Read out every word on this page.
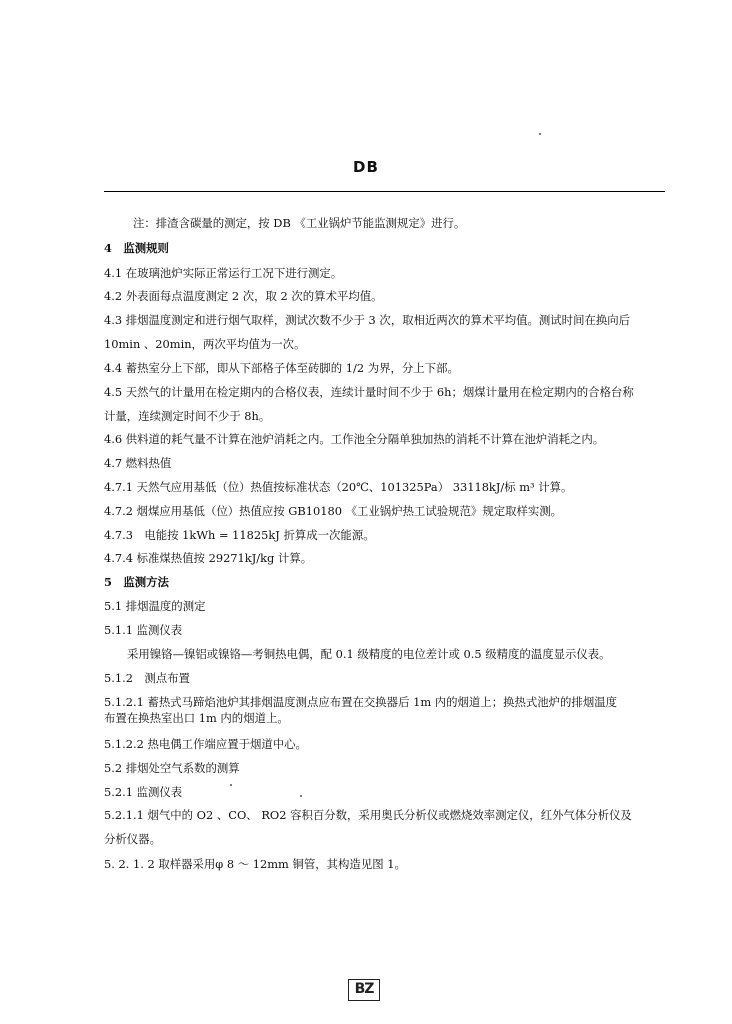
DB
注：排渣含碳量的测定，按 DB 《工业锅炉节能监测规定》进行。
4　监测规则
4.1 在玻璃池炉实际正常运行工况下进行测定。
4.2 外表面每点温度测定 2 次，取 2 次的算术平均值。
4.3 排烟温度测定和进行烟气取样，测试次数不少于 3 次，取相近两次的算术平均值。测试时间在换向后
10min 、20min，两次平均值为一次。
4.4 蓄热室分上下部，即从下部格子体至砖脚的 1/2 为界，分上下部。
4.5 天然气的计量用在检定期内的合格仪表，连续计量时间不少于 6h；烟煤计量用在检定期内的合格台称
计量，连续测定时间不少于 8h。
4.6 供料道的耗气量不计算在池炉消耗之内。工作池全分隔单独加热的消耗不计算在池炉消耗之内。
4.7 燃料热值
4.7.1 天然气应用基低（位）热值按标准状态（20℃、101325Pa） 33118kJ/标 m³ 计算。
4.7.2 烟煤应用基低（位）热值应按 GB10180 《工业锅炉热工试验规范》规定取样实测。
4.7.3　电能按 1kWh = 11825kJ 折算成一次能源。
4.7.4 标准煤热值按 29271kJ/kg 计算。
5　监测方法
5.1 排烟温度的测定
5.1.1 监测仪表
采用镍铬—镍铝或镍铬—考铜热电偶，配 0.1 级精度的电位差计或 0.5 级精度的温度显示仪表。
5.1.2　测点布置
5.1.2.1 蓄热式马蹄焰池炉其排烟温度测点应布置在交换器后 1m 内的烟道上；换热式池炉的排烟温度
布置在换热室出口 1m 内的烟道上。
5.1.2.2 热电偶工作端应置于烟道中心。
5.2 排烟处空气系数的测算
5.2.1 监测仪表
5.2.1.1 烟气中的 O2 、CO、 RO2 容积百分数，采用奥氏分析仪或燃烧效率测定仪，红外气体分析仪及
分析仪器。
5. 2. 1. 2 取样器采用φ 8 ～ 12mm 铜管，其构造见图 1。
BZ
